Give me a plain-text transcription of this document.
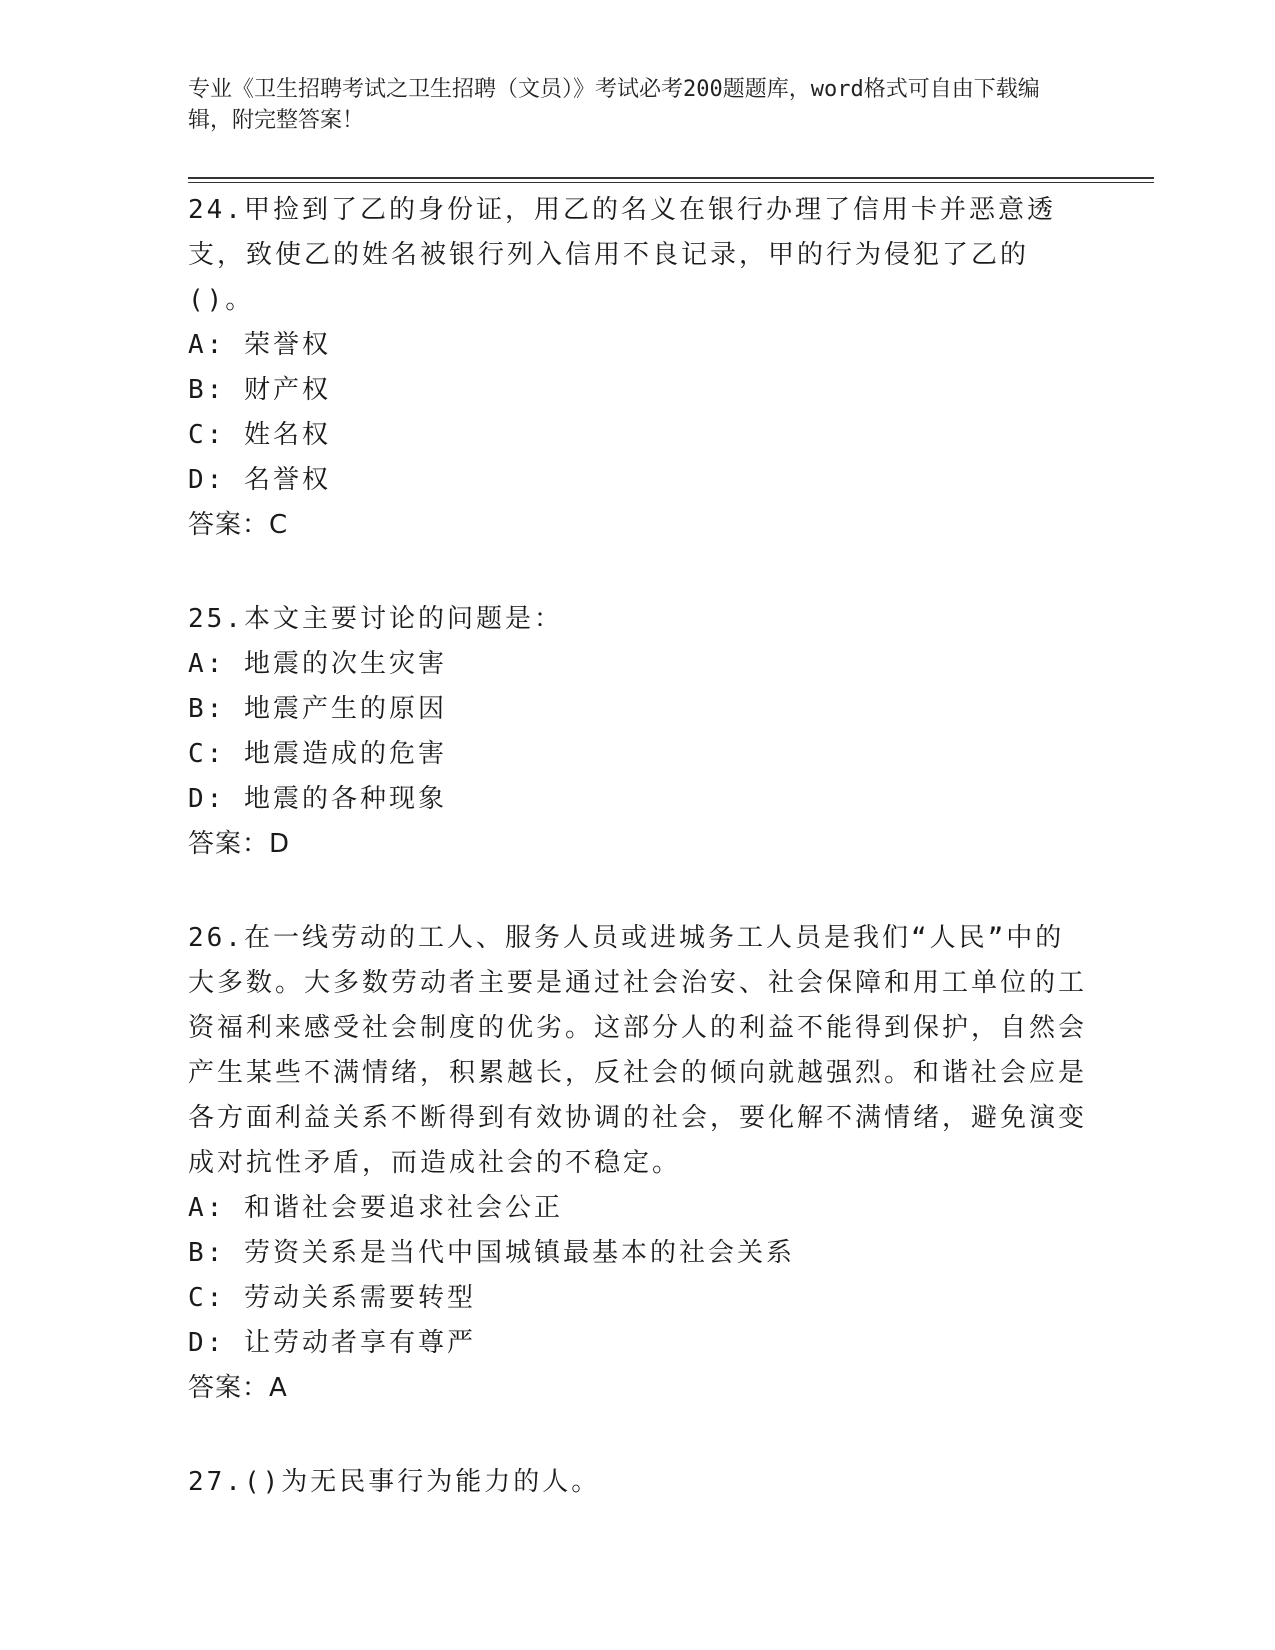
专业《卫生招聘考试之卫生招聘（文员）》考试必考200题题库，word格式可自由下载编辑，附完整答案！

24.甲捡到了乙的身份证，用乙的名义在银行办理了信用卡并恶意透支，致使乙的姓名被银行列入信用不良记录，甲的行为侵犯了乙的()。

A: 荣誉权

B: 财产权

C: 姓名权

D: 名誉权

答案：C

25.本文主要讨论的问题是：

A: 地震的次生灾害

B: 地震产生的原因

C: 地震造成的危害

D: 地震的各种现象

答案：D

26.在一线劳动的工人、服务人员或进城务工人员是我们“人民”中的大多数。大多数劳动者主要是通过社会治安、社会保障和用工单位的工资福利来感受社会制度的优劣。这部分人的利益不能得到保护，自然会产生某些不满情绪，积累越长，反社会的倾向就越强烈。和谐社会应是各方面利益关系不断得到有效协调的社会，要化解不满情绪，避免演变成对抗性矛盾，而造成社会的不稳定。

A: 和谐社会要追求社会公正

B: 劳资关系是当代中国城镇最基本的社会关系

C: 劳动关系需要转型

D: 让劳动者享有尊严

答案：A

27.()为无民事行为能力的人。
